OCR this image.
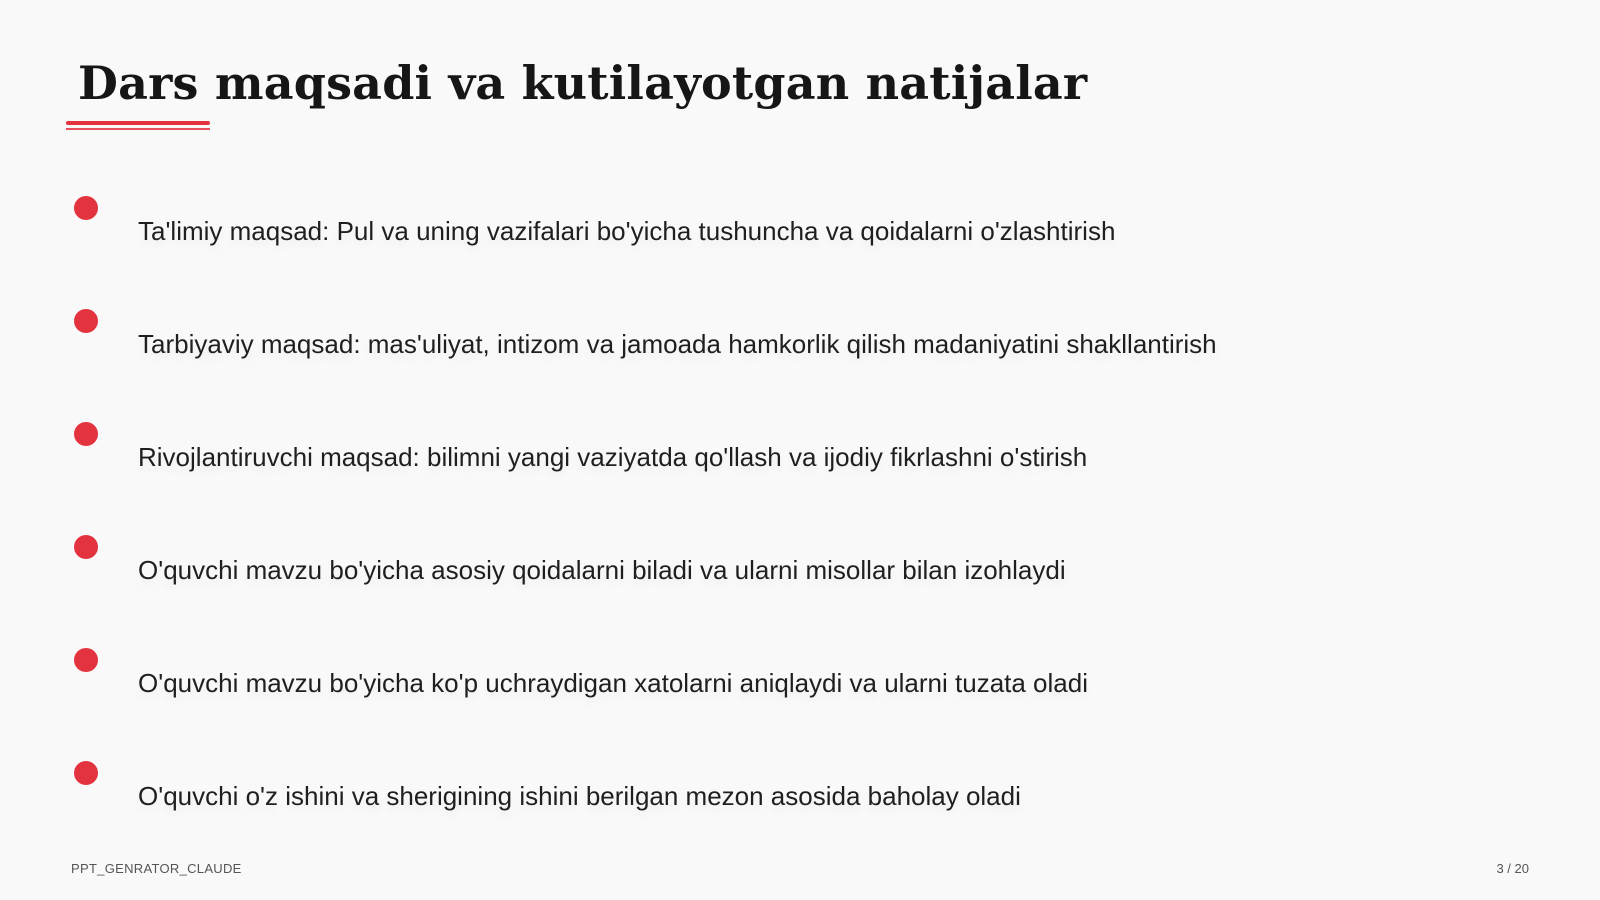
Dars maqsadi va kutilayotgan natijalar
Ta'limiy maqsad: Pul va uning vazifalari bo'yicha tushuncha va qoidalarni o'zlashtirish
Tarbiyaviy maqsad: mas'uliyat, intizom va jamoada hamkorlik qilish madaniyatini shakllantirish
Rivojlantiruvchi maqsad: bilimni yangi vaziyatda qo'llash va ijodiy fikrlashni o'stirish
O'quvchi mavzu bo'yicha asosiy qoidalarni biladi va ularni misollar bilan izohlaydi
O'quvchi mavzu bo'yicha ko'p uchraydigan xatolarni aniqlaydi va ularni tuzata oladi
O'quvchi o'z ishini va sherigining ishini berilgan mezon asosida baholay oladi
PPT_GENRATOR_CLAUDE	3 / 20
